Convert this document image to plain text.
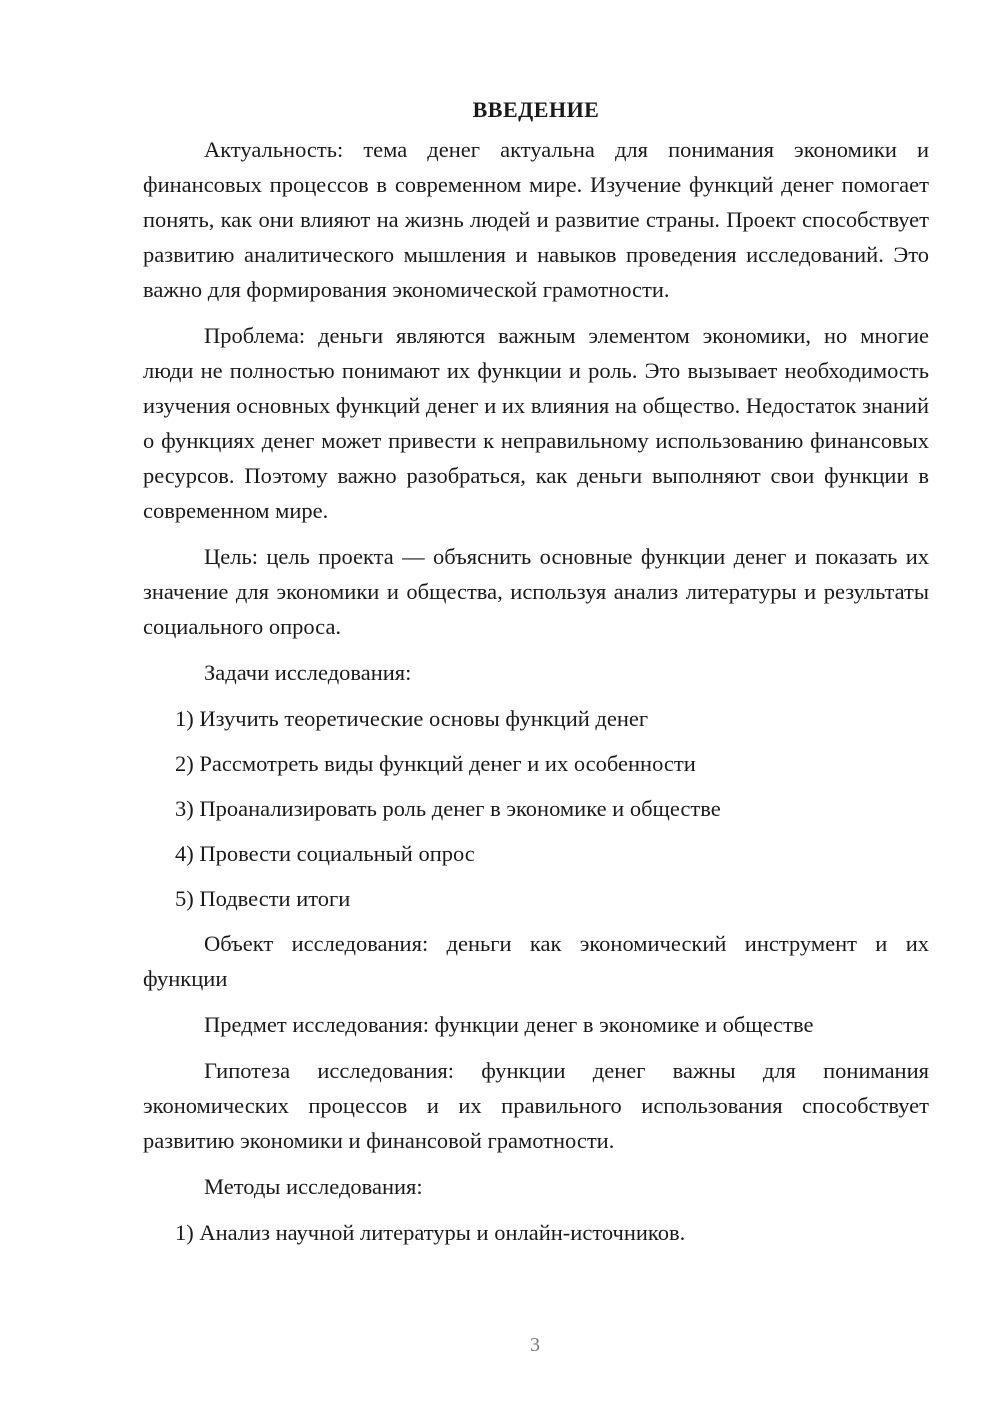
ВВЕДЕНИЕ
Актуальность: тема денег актуальна для понимания экономики и финансовых процессов в современном мире. Изучение функций денег помогает понять, как они влияют на жизнь людей и развитие страны. Проект способствует развитию аналитического мышления и навыков проведения исследований. Это важно для формирования экономической грамотности.
Проблема: деньги являются важным элементом экономики, но многие люди не полностью понимают их функции и роль. Это вызывает необходимость изучения основных функций денег и их влияния на общество. Недостаток знаний о функциях денег может привести к неправильному использованию финансовых ресурсов. Поэтому важно разобраться, как деньги выполняют свои функции в современном мире.
Цель: цель проекта — объяснить основные функции денег и показать их значение для экономики и общества, используя анализ литературы и результаты социального опроса.
Задачи исследования:
1) Изучить теоретические основы функций денег
2) Рассмотреть виды функций денег и их особенности
3) Проанализировать роль денег в экономике и обществе
4) Провести социальный опрос
5) Подвести итоги
Объект исследования: деньги как экономический инструмент и их функции
Предмет исследования: функции денег в экономике и обществе
Гипотеза исследования: функции денег важны для понимания экономических процессов и их правильного использования способствует развитию экономики и финансовой грамотности.
Методы исследования:
1) Анализ научной литературы и онлайн-источников.
3
